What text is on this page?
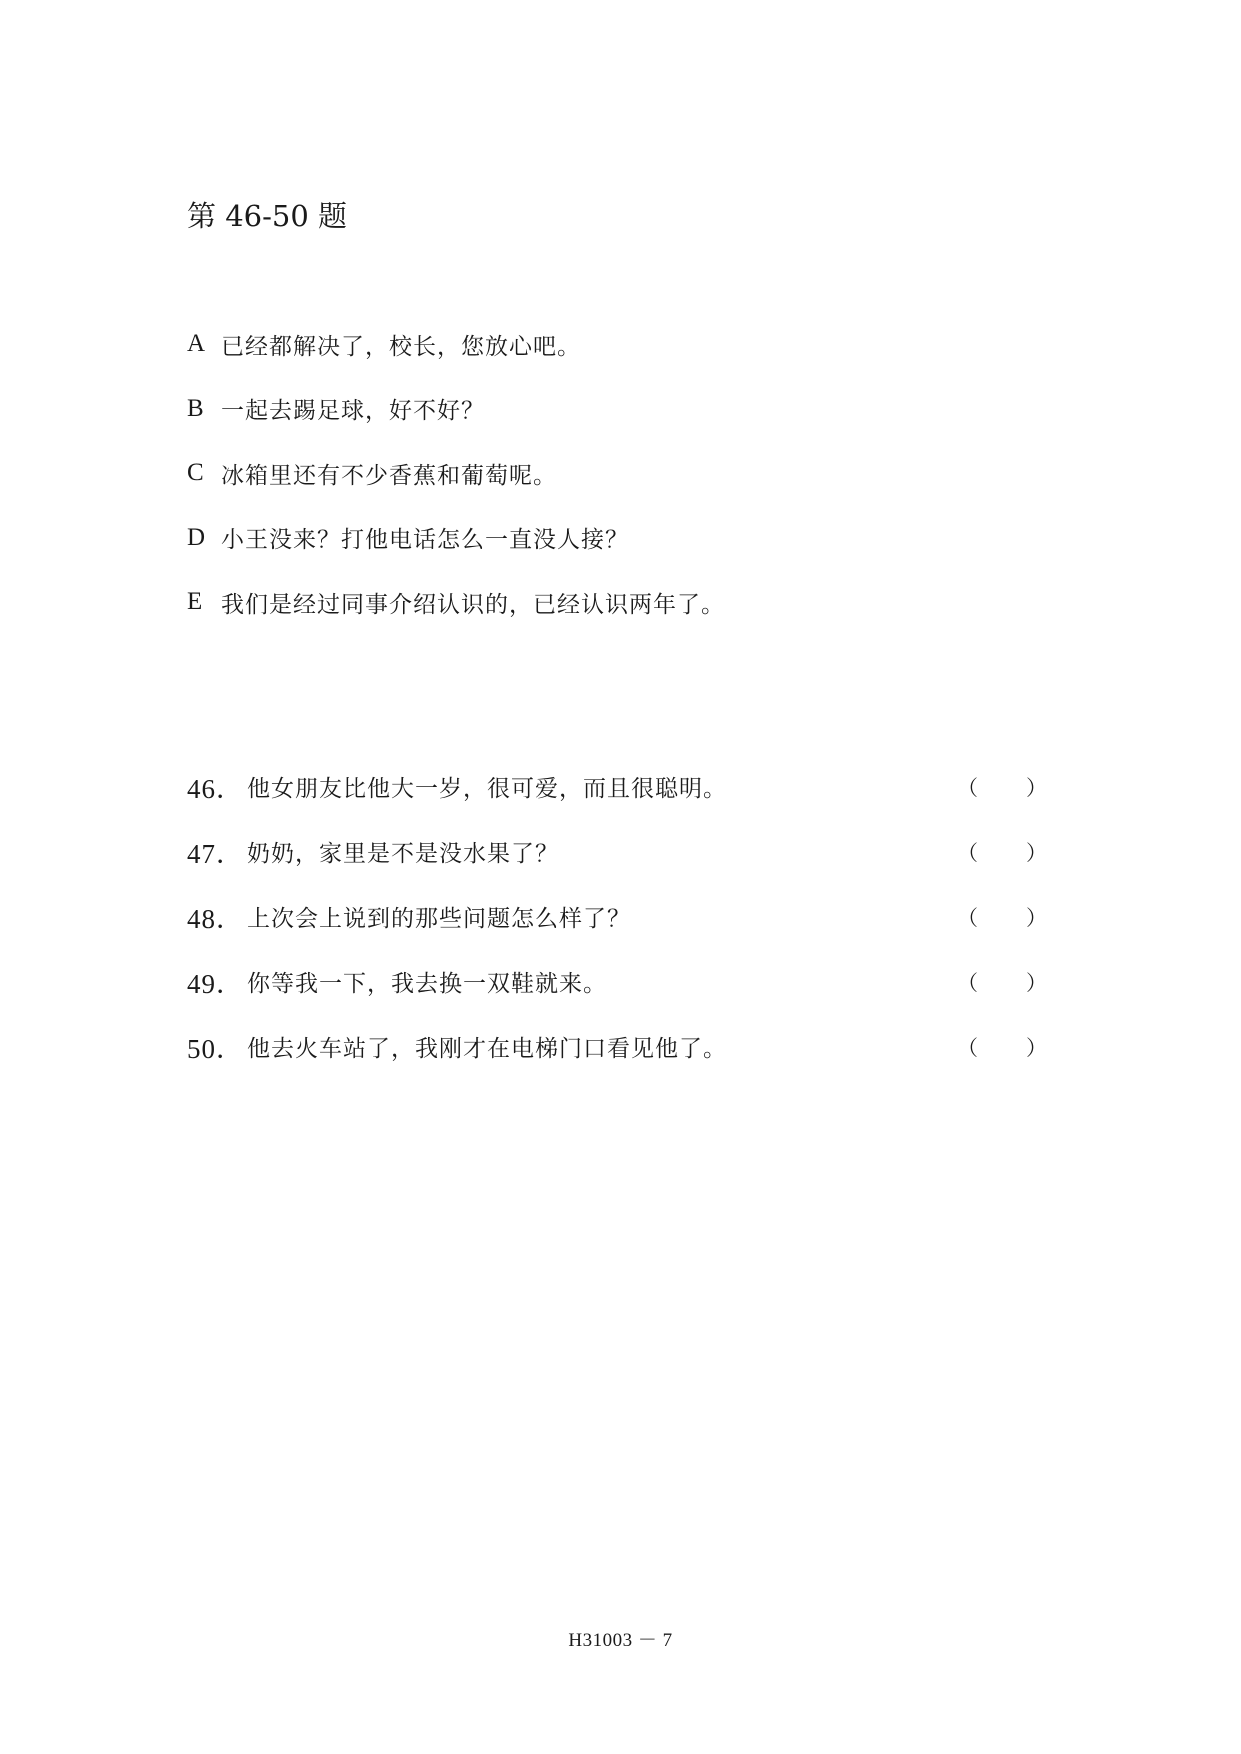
第 46-50 题
A 已经都解决了，校长，您放心吧。
B 一起去踢足球，好不好？
C 冰箱里还有不少香蕉和葡萄呢。
D 小王没来？打他电话怎么一直没人接？
E 我们是经过同事介绍认识的，已经认识两年了。
46． 他女朋友比他大一岁，很可爱，而且很聪明。	（ ）
47． 奶奶，家里是不是没水果了？	（ ）
48． 上次会上说到的那些问题怎么样了？	（ ）
49． 你等我一下，我去换一双鞋就来。	（ ）
50． 他去火车站了，我刚才在电梯门口看见他了。	（ ）
H31003 － 7
